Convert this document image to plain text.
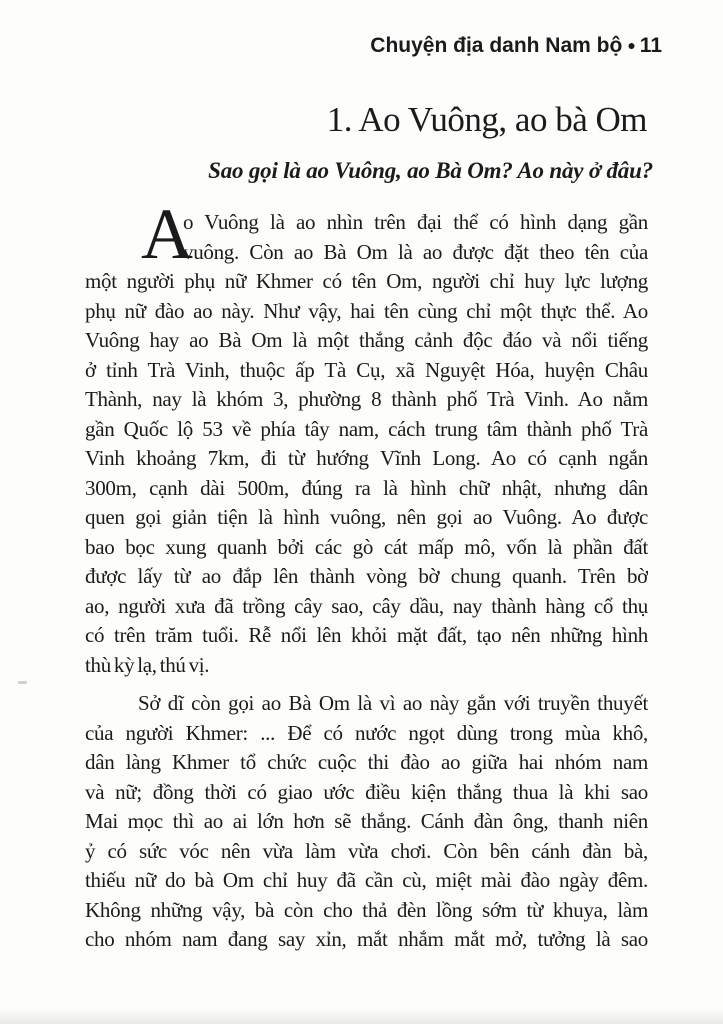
Chuyện địa danh Nam bộ ● 11
1. Ao Vuông, ao bà Om
Sao gọi là ao Vuông, ao Bà Om? Ao này ở đâu?
A
o Vuông là ao nhìn trên đại thể có hình dạng gần
vuông. Còn ao Bà Om là ao được đặt theo tên của
một người phụ nữ Khmer có tên Om, người chỉ huy lực lượng
phụ nữ đào ao này. Như vậy, hai tên cùng chỉ một thực thể. Ao
Vuông hay ao Bà Om là một thắng cảnh độc đáo và nổi tiếng
ở tỉnh Trà Vinh, thuộc ấp Tà Cụ, xã Nguyệt Hóa, huyện Châu
Thành, nay là khóm 3, phường 8 thành phố Trà Vinh. Ao nằm
gần Quốc lộ 53 về phía tây nam, cách trung tâm thành phố Trà
Vinh khoảng 7km, đi từ hướng Vĩnh Long. Ao có cạnh ngắn
300m, cạnh dài 500m, đúng ra là hình chữ nhật, nhưng dân
quen gọi giản tiện là hình vuông, nên gọi ao Vuông. Ao được
bao bọc xung quanh bởi các gò cát mấp mô, vốn là phần đất
được lấy từ ao đắp lên thành vòng bờ chung quanh. Trên bờ
ao, người xưa đã trồng cây sao, cây dầu, nay thành hàng cổ thụ
có trên trăm tuổi. Rễ nổi lên khỏi mặt đất, tạo nên những hình
thù kỳ lạ, thú vị.
Sở dĩ còn gọi ao Bà Om là vì ao này gắn với truyền thuyết
của người Khmer: ... Để có nước ngọt dùng trong mùa khô,
dân làng Khmer tổ chức cuộc thi đào ao giữa hai nhóm nam
và nữ; đồng thời có giao ước điều kiện thắng thua là khi sao
Mai mọc thì ao ai lớn hơn sẽ thắng. Cánh đàn ông, thanh niên
ỷ có sức vóc nên vừa làm vừa chơi. Còn bên cánh đàn bà,
thiếu nữ do bà Om chỉ huy đã cần cù, miệt mài đào ngày đêm.
Không những vậy, bà còn cho thả đèn lồng sớm từ khuya, làm
cho nhóm nam đang say xỉn, mắt nhắm mắt mở, tưởng là sao
